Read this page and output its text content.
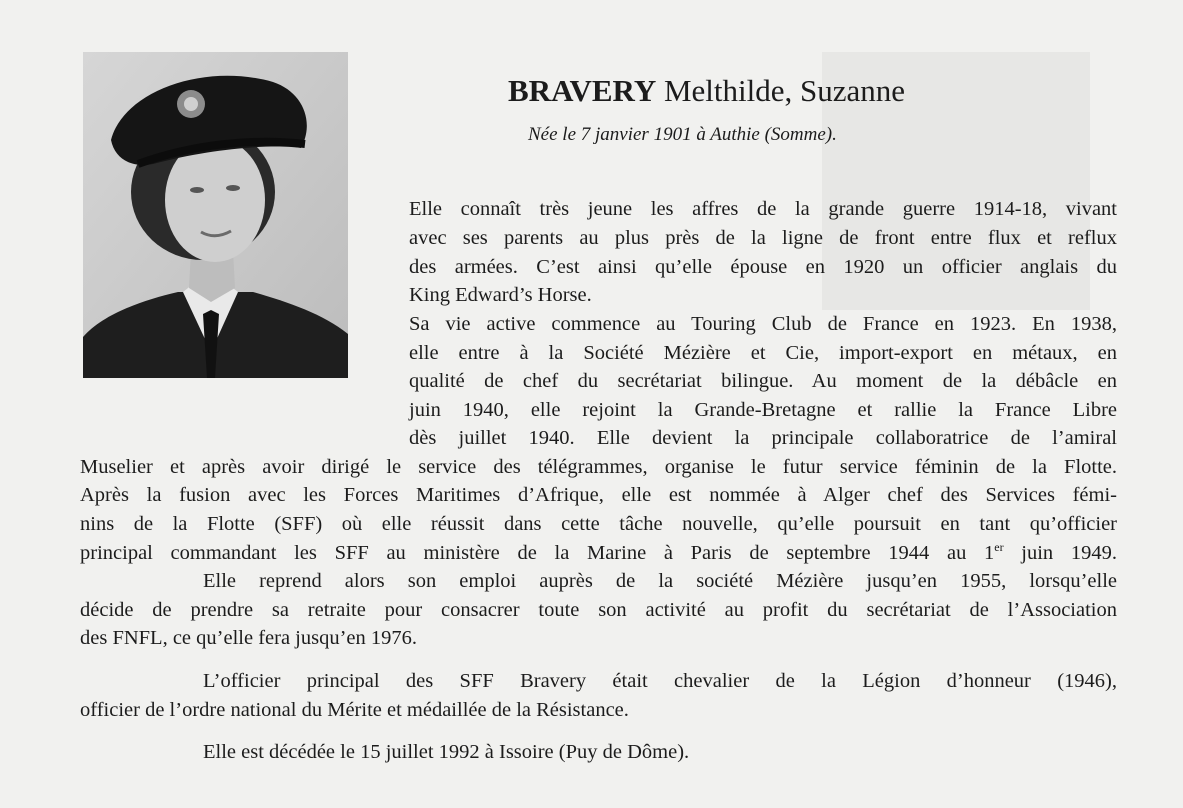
BRAVERY Melthilde, Suzanne
Née le 7 janvier 1901 à Authie (Somme).
Elle connaît très jeune les affres de la grande guerre 1914-18, vivant
avec ses parents au plus près de la ligne de front entre flux et reflux
des armées. C’est ainsi qu’elle épouse en 1920 un officier anglais du
King Edward’s Horse.
Sa vie active commence au Touring Club de France en 1923. En 1938,
elle entre à la Société Mézière et Cie, import-export en métaux, en
qualité de chef du secrétariat bilingue. Au moment de la débâcle en
juin 1940, elle rejoint la Grande-Bretagne et rallie la France Libre
dès juillet 1940. Elle devient la principale collaboratrice de l’amiral
Muselier et après avoir dirigé le service des télégrammes, organise le futur service féminin de la Flotte.
Après la fusion avec les Forces Maritimes d’Afrique, elle est nommée à Alger chef des Services fémi-
nins de la Flotte (SFF) où elle réussit dans cette tâche nouvelle, qu’elle poursuit en tant qu’officier
principal commandant les SFF au ministère de la Marine à Paris de septembre 1944 au 1er juin 1949.
Elle reprend alors son emploi auprès de la société Mézière jusqu’en 1955, lorsqu’elle
décide de prendre sa retraite pour consacrer toute son activité au profit du secrétariat de l’Association
des FNFL, ce qu’elle fera jusqu’en 1976.
L’officier principal des SFF Bravery était chevalier de la Légion d’honneur (1946),
officier de l’ordre national du Mérite et médaillée de la Résistance.
Elle est décédée le 15 juillet 1992 à Issoire (Puy de Dôme).
